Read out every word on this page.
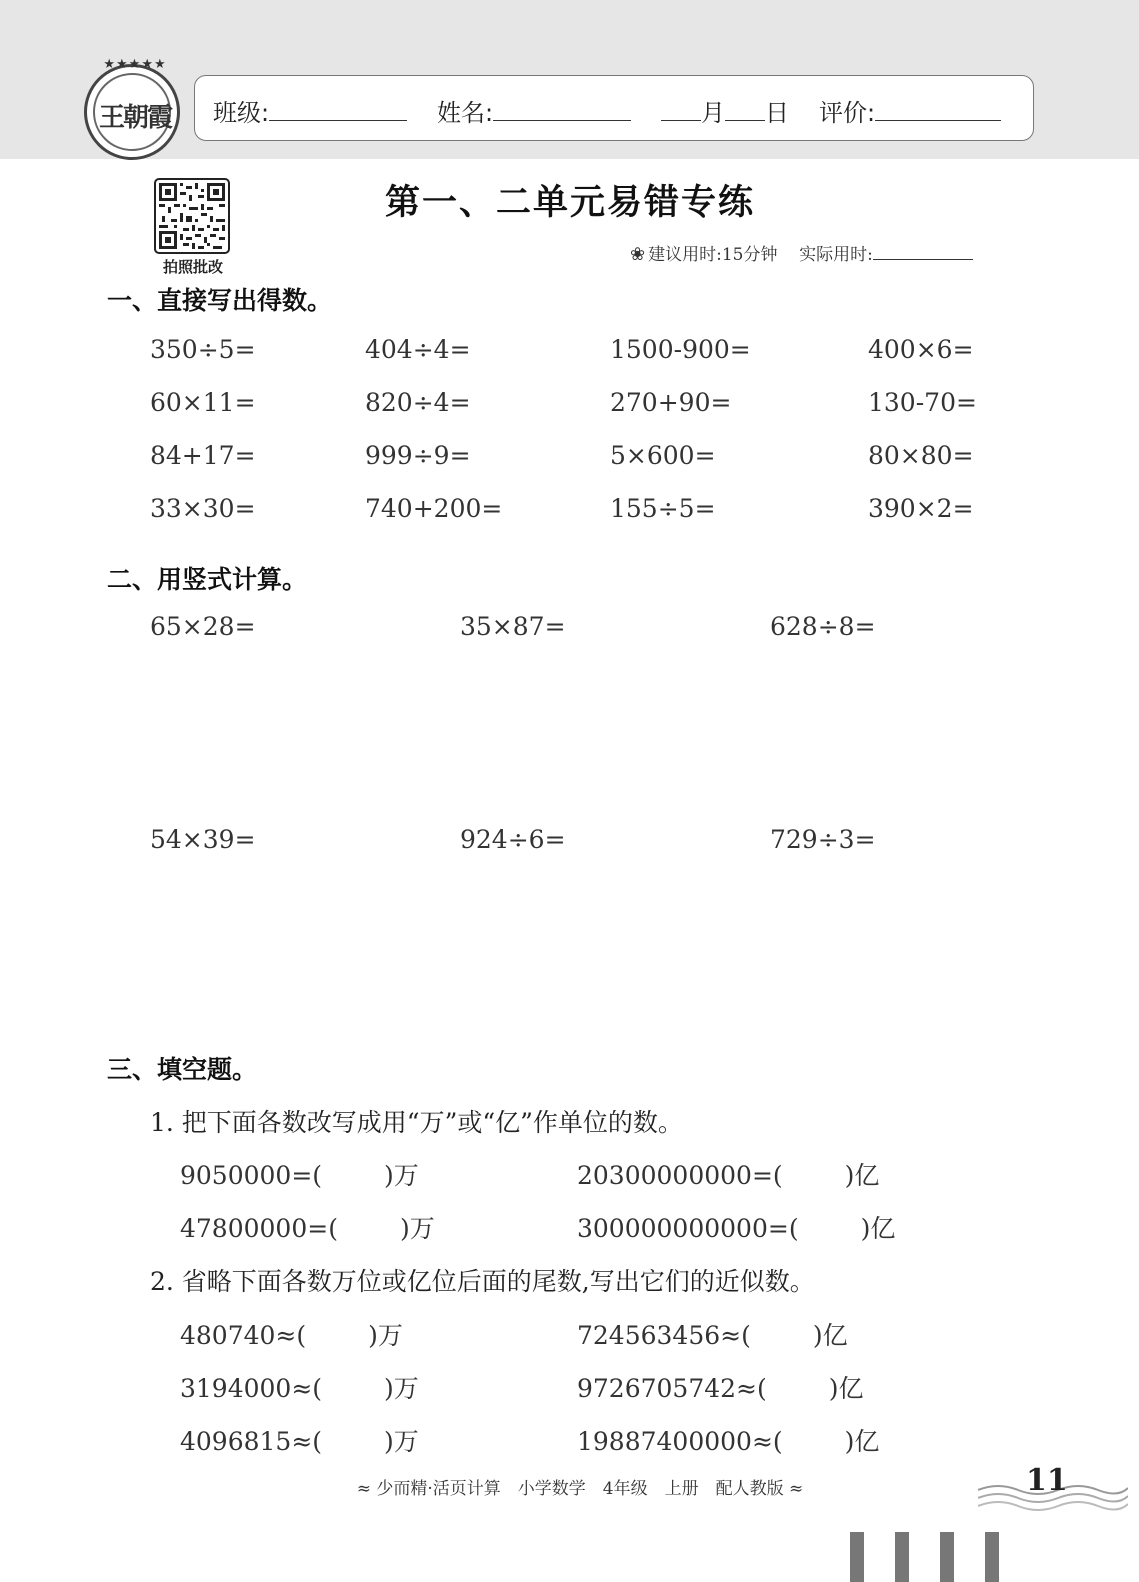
★★★★★
王朝霞	班级:	姓名:	月 日 评价:
拍照批改
第一、二单元易错专练
❀ 建议用时:15分钟 实际用时:
一、直接写出得数。
350÷5=	404÷4=	1500-900=	400×6=
60×11=	820÷4=	270+90=	130-70=
84+17=	999÷9=	5×600=	80×80=
33×30=	740+200=	155÷5=	390×2=
二、用竖式计算。
65×28=	35×87=	628÷8=
54×39=	924÷6=	729÷3=
三、填空题。
1. 把下面各数改写成用“万”或“亿”作单位的数。
9050000=( )万	20300000000=( )亿
47800000=( )万	300000000000=( )亿
2. 省略下面各数万位或亿位后面的尾数,写出它们的近似数。
480740≈( )万	724563456≈( )亿
3194000≈( )万	9726705742≈( )亿
4096815≈( )万	19887400000≈( )亿
≈ 少而精·活页计算　小学数学　4年级　上册　配人教版 ≈	11
